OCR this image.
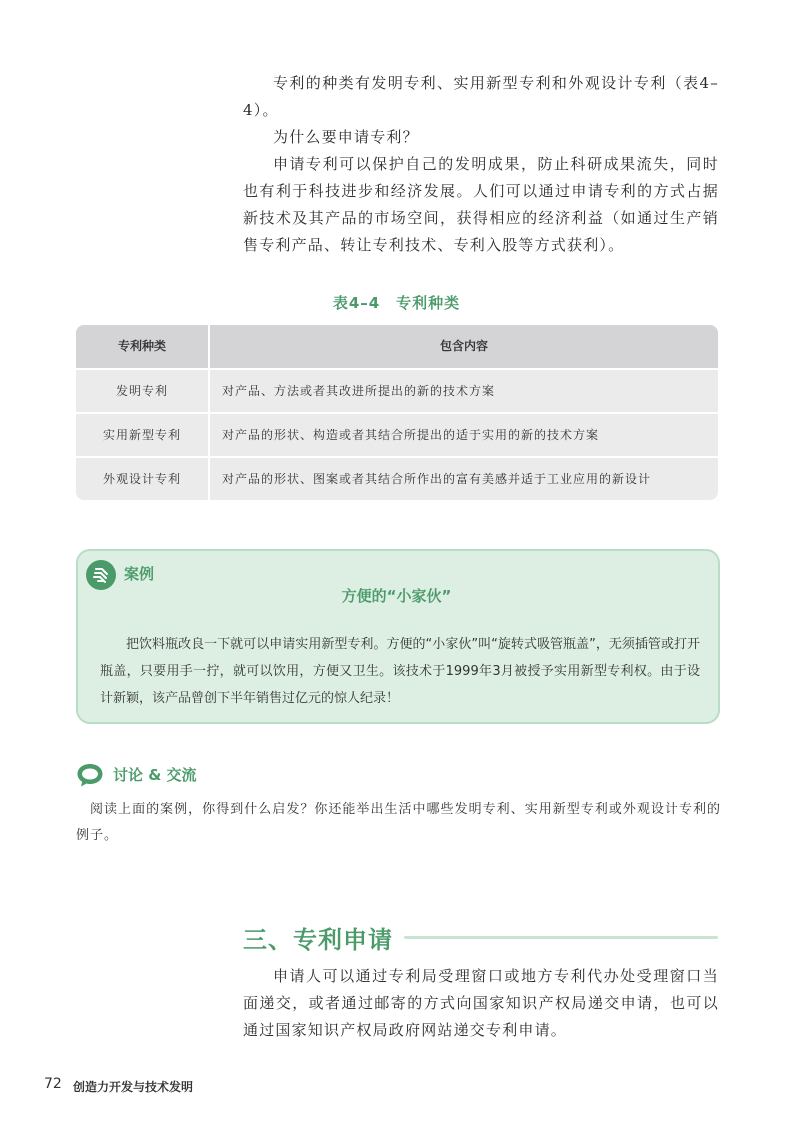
专利的种类有发明专利、实用新型专利和外观设计专利（表4–4）。

为什么要申请专利？

申请专利可以保护自己的发明成果，防止科研成果流失，同时也有利于科技进步和经济发展。人们可以通过申请专利的方式占据新技术及其产品的市场空间，获得相应的经济利益（如通过生产销售专利产品、转让专利技术、专利入股等方式获利）。

表4–4　专利种类
专利种类	包含内容
发明专利	对产品、方法或者其改进所提出的新的技术方案
实用新型专利	对产品的形状、构造或者其结合所提出的适于实用的新的技术方案
外观设计专利	对产品的形状、图案或者其结合所作出的富有美感并适于工业应用的新设计
案例
方便的“小家伙”

把饮料瓶改良一下就可以申请实用新型专利。方便的“小家伙”叫“旋转式吸管瓶盖”，无须插管或打开瓶盖，只要用手一拧，就可以饮用，方便又卫生。该技术于1999年3月被授予实用新型专利权。由于设计新颖，该产品曾创下半年销售过亿元的惊人纪录！

讨论 & 交流

阅读上面的案例，你得到什么启发？你还能举出生活中哪些发明专利、实用新型专利或外观设计专利的例子。

三、专利申请

申请人可以通过专利局受理窗口或地方专利代办处受理窗口当面递交，或者通过邮寄的方式向国家知识产权局递交申请，也可以通过国家知识产权局政府网站递交专利申请。

72 创造力开发与技术发明
